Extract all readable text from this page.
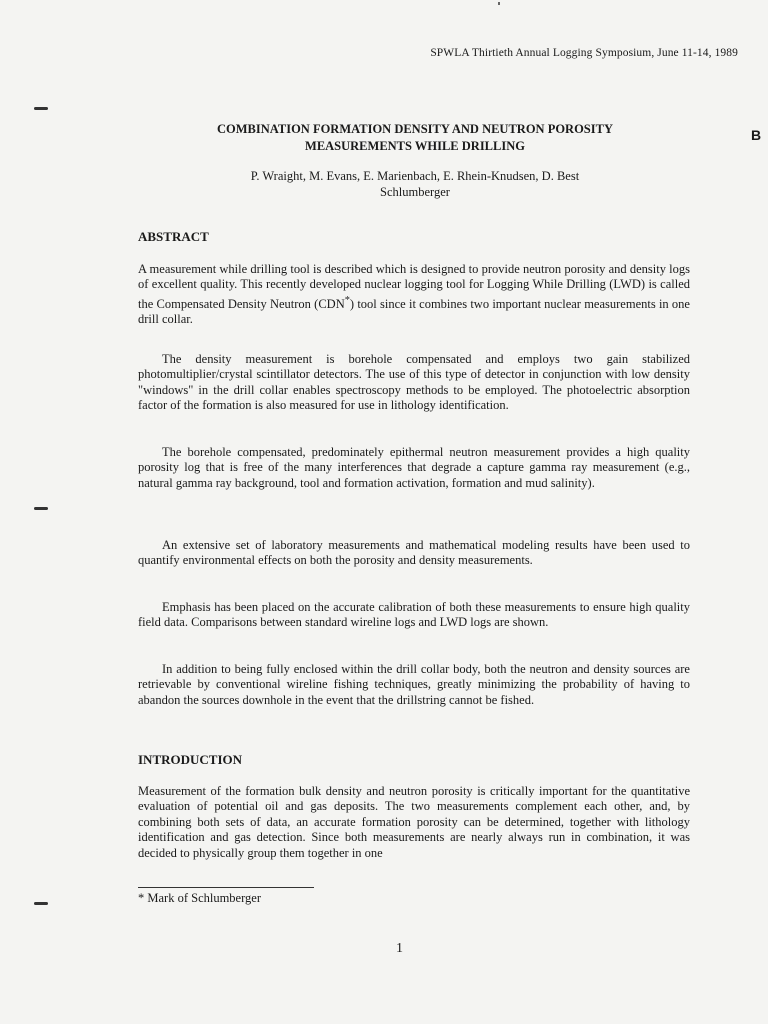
SPWLA Thirtieth Annual Logging Symposium, June 11-14, 1989
B
COMBINATION FORMATION DENSITY AND NEUTRON POROSITY
MEASUREMENTS WHILE DRILLING
P. Wraight, M. Evans, E. Marienbach, E. Rhein-Knudsen, D. Best
Schlumberger
ABSTRACT

A measurement while drilling tool is described which is designed to provide neutron porosity and density logs of excellent quality. This recently developed nuclear logging tool for Logging While Drilling (LWD) is called the Compensated Density Neutron (CDN*) tool since it combines two important nuclear measurements in one drill collar.

The density measurement is borehole compensated and employs two gain stabilized photomultiplier/crystal scintillator detectors. The use of this type of detector in conjunction with low density "windows" in the drill collar enables spectroscopy methods to be employed. The photoelectric absorption factor of the formation is also measured for use in lithology identification.

The borehole compensated, predominately epithermal neutron measurement provides a high quality porosity log that is free of the many interferences that degrade a capture gamma ray measurement (e.g., natural gamma ray background, tool and formation activation, formation and mud salinity).

An extensive set of laboratory measurements and mathematical modeling results have been used to quantify environmental effects on both the porosity and density measurements.

Emphasis has been placed on the accurate calibration of both these measurements to ensure high quality field data. Comparisons between standard wireline logs and LWD logs are shown.

In addition to being fully enclosed within the drill collar body, both the neutron and density sources are retrievable by conventional wireline fishing techniques, greatly minimizing the probability of having to abandon the sources downhole in the event that the drillstring cannot be fished.

INTRODUCTION

Measurement of the formation bulk density and neutron porosity is critically important for the quantitative evaluation of potential oil and gas deposits. The two measurements complement each other, and, by combining both sets of data, an accurate formation porosity can be determined, together with lithology identification and gas detection. Since both measurements are nearly always run in combination, it was decided to physically group them together in one

* Mark of Schlumberger
1
